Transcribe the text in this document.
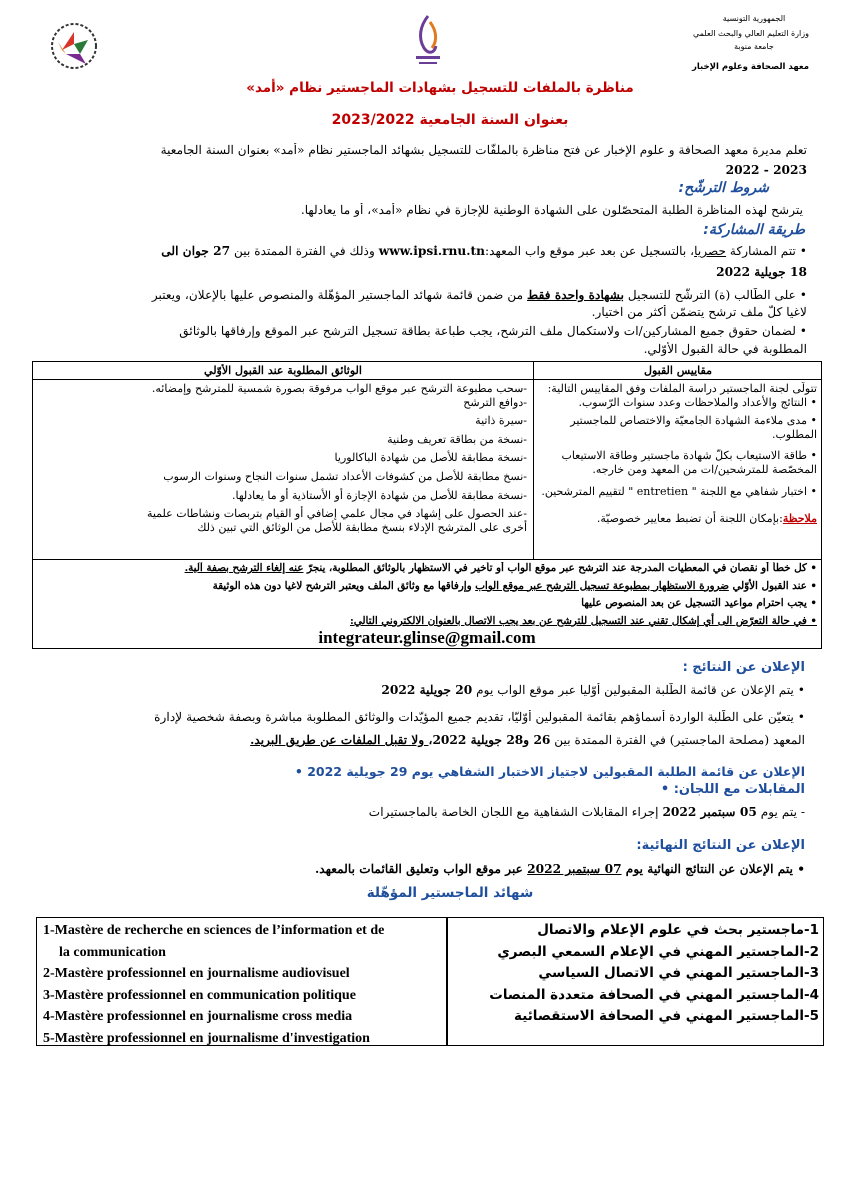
الجمهورية التونسية
وزارة التعليم العالي والبحث العلمي
جامعة منوبة
معهد الصحافة وعلوم الإخبار
مناظرة بالملفات للتسجيل بشهادات الماجستير نظام «أمد»
بعنوان السنة الجامعية 2023/2022
تعلم مديرة معهد الصحافة و علوم الإخبار عن فتح مناظرة بالملفّات للتسجيل بشهائد الماجستير نظام «أمد» بعنوان السنة الجامعية
2023 - 2022
شروط الترشّح:
يترشح لهذه المناظرة الطلبة المتحصّلون على الشهادة الوطنية للإجازة في نظام «أمد»، أو ما يعادلها.
طريقة المشاركة:
• تتم المشاركة حصريا، بالتسجيل عن بعد عبر موقع واب المعهد:www.ipsi.rnu.tn وذلك في الفترة الممتدة بين 27 جوان الى
18 جويلية 2022
• على الطّالب (ة) الترشّح للتسجيل بشهادة واحدة فقط من ضمن قائمة شهائد الماجستير المؤهّلة والمنصوص عليها بالإعلان، ويعتبر
لاغيا كلّ ملف ترشح يتضمّن أكثر من اختيار.
• لضمان حقوق جميع المشاركين/ات ولاستكمال ملف الترشح، يجب طباعة بطاقة تسجيل الترشح عبر الموقع وإرفاقها بالوثائق
المطلوبة في حالة القبول الأوّلي.
الوثائق المطلوبة عند القبول الأوّلي	مقاييس القبول
-سحب مطبوعة الترشح عبر موقع الواب مرفوقة بصورة شمسية للمترشح وإمضائه.
-دوافع الترشح
-سيرة ذاتية
-نسخة من بطاقة تعريف وطنية
-نسخة مطابقة للأصل من شهادة الباكالوريا
-نسخ مطابقة للأصل من كشوفات الأعداد تشمل سنوات النجاح وسنوات الرسوب
-نسخة مطابقة للأصل من شهادة الإجازة أو الأستاذية أو ما يعادلها.
-عند الحصول على إشهاد في مجال علمي إضافي أو القيام بتربصات ونشاطات علمية
أخرى على المترشح الإدلاء بنسخ مطابقة للأصل من الوثائق التي تبين ذلك
تتولّى لجنة الماجستير دراسة الملفات وفق المقاييس التالية:
• النتائج والأعداد والملاحظات وعدد سنوات الرّسوب.
• مدى ملاءمة الشهادة الجامعيّة والاختصاص للماجستير
المطلوب.
• طاقة الاستيعاب بكلّ شهادة ماجستير وطاقة الاستيعاب
المخصّصة للمترشحين/ات من المعهد ومن خارجه.
• اختبار شفاهي مع اللجنة " entretien " لتقييم المترشحين.
ملاحظة:بإمكان اللجنة أن تضبط معايير خصوصيّة.
• كل خطأ أو نقصان في المعطيات المدرجة عند الترشح عبر موقع الواب أو تأخير في الاستظهار بالوثائق المطلوبة، ينجرّ عنه إلغاء الترشح بصفة آلية.
• عند القبول الأوّلي ضرورة الاستظهار بمطبوعة تسجيل الترشح عبر موقع الواب وإرفاقها مع وثائق الملف ويعتبر الترشح لاغيا دون هذه الوثيقة
• يجب احترام مواعيد التسجيل عن بعد المنصوص عليها
• في حالة التعرّض الى أي إشكال تقني عند التسجيل للترشح عن بعد يجب الاتصال بالعنوان الالكتروني التالي:
integrateur.glinse@gmail.com
الإعلان عن النتائج :
• يتم الإعلان عن قائمة الطّلبة المقبولين أوّليا عبر موقع الواب يوم 20 جويلية 2022
• يتعيّن على الطّلبة الواردة أسماؤهم بقائمة المقبولين أوّليّا، تقديم جميع المؤيّدات والوثائق المطلوبة مباشرة وبصفة شخصية لإدارة
المعهد (مصلحة الماجستير) في الفترة الممتدة بين 26 و28 جويلية 2022، ولا تقبل الملفات عن طريق البريد.
الإعلان عن قائمة الطلبة المقبولين لاجتياز الاختبار الشفاهي يوم 29 جويلية 2022 •
المقابلات مع اللجان: •
- يتم يوم 05 سبتمبر 2022 إجراء المقابلات الشفاهية مع اللجان الخاصة بالماجستيرات
الإعلان عن النتائج النهائية:
• يتم الإعلان عن النتائج النهائية يوم 07 سبتمبر 2022 عبر موقع الواب وتعليق القائمات بالمعهد.
شهائد الماجستير المؤهّلة
1-Mastère de recherche en sciences de l’information et de
la communication
2-Mastère professionnel en journalisme audiovisuel
3-Mastère professionnel en communication politique
4-Mastère professionnel en journalisme cross media
5-Mastère professionnel en journalisme d'investigation
1-ماجستير بحث في علوم الإعلام والاتصال
2-الماجستير المهني في الإعلام السمعي البصري
3-الماجستير المهني في الاتصال السياسي
4-الماجستير المهني في الصحافة متعددة المنصات
5-الماجستير المهني في الصحافة الاستقصائية
